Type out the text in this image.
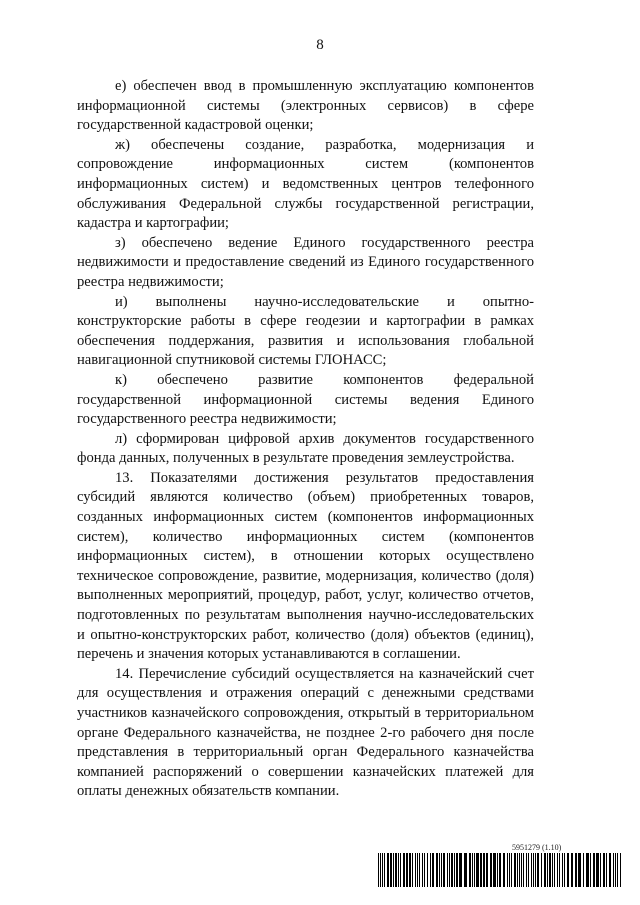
8

е) обеспечен ввод в промышленную эксплуатацию компонентов информационной системы (электронных сервисов) в сфере государственной кадастровой оценки;

ж) обеспечены создание, разработка, модернизация и сопровождение информационных систем (компонентов информационных систем) и ведомственных центров телефонного обслуживания Федеральной службы государственной регистрации, кадастра и картографии;

з) обеспечено ведение Единого государственного реестра недвижимости и предоставление сведений из Единого государственного реестра недвижимости;

и) выполнены научно-исследовательские и опытно-конструкторские работы в сфере геодезии и картографии в рамках обеспечения поддержания, развития и использования глобальной навигационной спутниковой системы ГЛОНАСС;

к) обеспечено развитие компонентов федеральной государственной информационной системы ведения Единого государственного реестра недвижимости;

л) сформирован цифровой архив документов государственного фонда данных, полученных в результате проведения землеустройства.

13. Показателями достижения результатов предоставления субсидий являются количество (объем) приобретенных товаров, созданных информационных систем (компонентов информационных систем), количество информационных систем (компонентов информационных систем), в отношении которых осуществлено техническое сопровождение, развитие, модернизация, количество (доля) выполненных мероприятий, процедур, работ, услуг, количество отчетов, подготовленных по результатам выполнения научно-исследовательских и опытно-конструкторских работ, количество (доля) объектов (единиц), перечень и значения которых устанавливаются в соглашении.

14. Перечисление субсидий осуществляется на казначейский счет для осуществления и отражения операций с денежными средствами участников казначейского сопровождения, открытый в территориальном органе Федерального казначейства, не позднее 2-го рабочего дня после представления в территориальный орган Федерального казначейства компанией распоряжений о совершении казначейских платежей для оплаты денежных обязательств компании.

5951279 (1.10)
